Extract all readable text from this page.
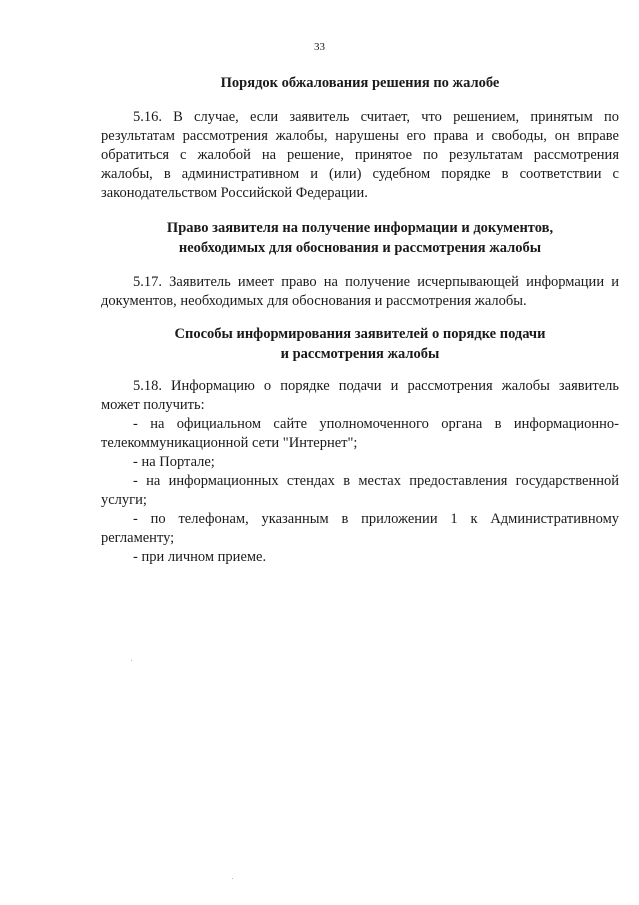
33
Порядок обжалования решения по жалобе
5.16. В случае, если заявитель считает, что решением, принятым по
результатам рассмотрения жалобы, нарушены его права и свободы, он вправе
обратиться с жалобой на решение, принятое по результатам рассмотрения
жалобы, в административном и (или) судебном порядке в соответствии с
законодательством Российской Федерации.
Право заявителя на получение информации и документов,
необходимых для обоснования и рассмотрения жалобы
5.17. Заявитель имеет право на получение исчерпывающей информации и
документов, необходимых для обоснования и рассмотрения жалобы.
Способы информирования заявителей о порядке подачи
и рассмотрения жалобы
5.18. Информацию о порядке подачи и рассмотрения жалобы заявитель
может получить:
- на официальном сайте уполномоченного органа в информационно-
телекоммуникационной сети "Интернет";
- на Портале;
- на информационных стендах в местах предоставления государственной
услуги;
- по телефонам, указанным в приложении 1 к Административному
регламенту;
- при личном приеме.
